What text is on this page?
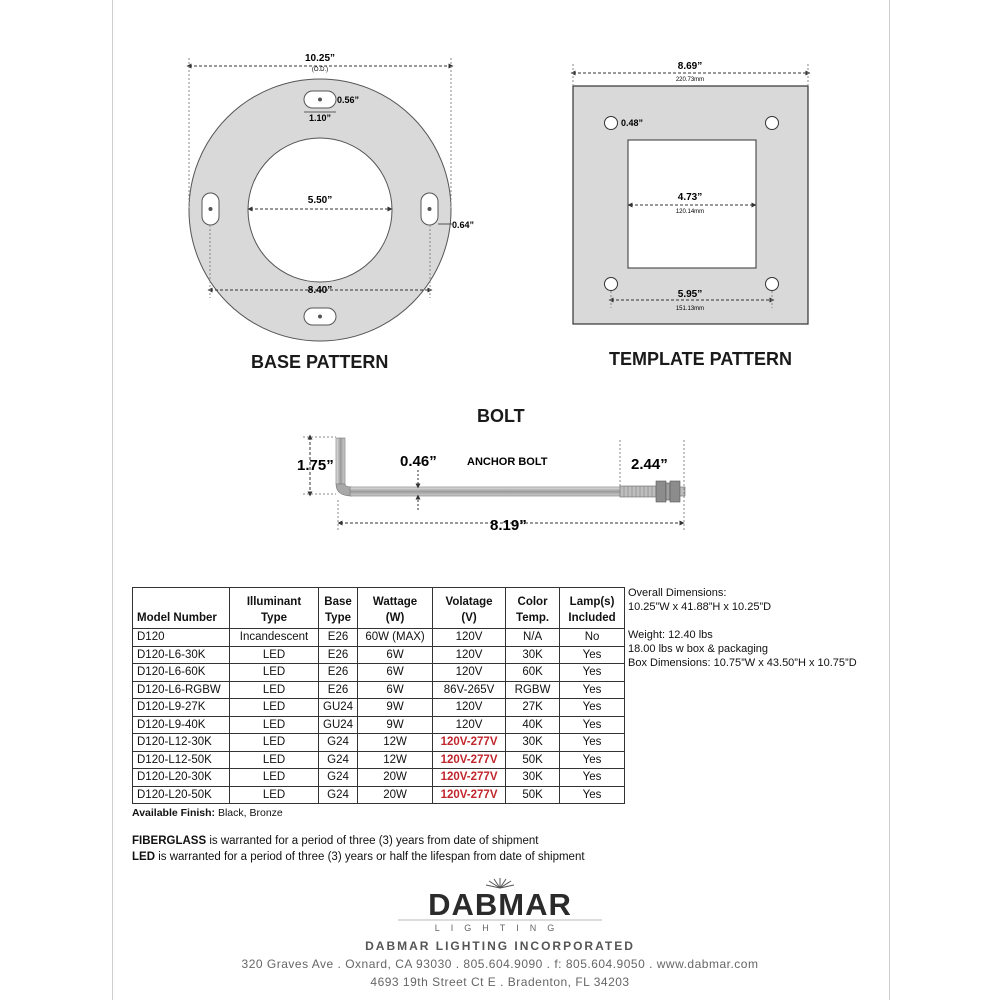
10.25”
(O.D.)
0.56”
1.10”
5.50”
0.64”
8.40”
BASE PATTERN
8.69”
220.73mm
0.48”
4.73”
120.14mm
5.95”
151.13mm
TEMPLATE PATTERN
BOLT
1.75”	0.46”	ANCHOR BOLT	2.44”
8.19”
Model Number	Illuminant Type	Base Type	Wattage (W)	Volatage (V)	Color Temp.	Lamp(s) Included
D120	Incandescent	E26	60W (MAX)	120V	N/A	No
D120-L6-30K	LED	E26	6W	120V	30K	Yes
D120-L6-60K	LED	E26	6W	120V	60K	Yes
D120-L6-RGBW	LED	E26	6W	86V-265V	RGBW	Yes
D120-L9-27K	LED	GU24	9W	120V	27K	Yes
D120-L9-40K	LED	GU24	9W	120V	40K	Yes
D120-L12-30K	LED	G24	12W	120V-277V	30K	Yes
D120-L12-50K	LED	G24	12W	120V-277V	50K	Yes
D120-L20-30K	LED	G24	20W	120V-277V	30K	Yes
D120-L20-50K	LED	G24	20W	120V-277V	50K	Yes
Overall Dimensions:
10.25”W x 41.88”H x 10.25”D
Weight: 12.40 lbs
18.00 lbs w box & packaging
Box Dimensions: 10.75”W x 43.50”H x 10.75”D
Available Finish: Black, Bronze
FIBERGLASS is warranted for a period of three (3) years from date of shipment
LED is warranted for a period of three (3) years or half the lifespan from date of shipment
DABMAR
LIGHTING
DABMAR LIGHTING INCORPORATED
320 Graves Ave . Oxnard, CA 93030 . 805.604.9090 . f: 805.604.9050 . www.dabmar.com
4693 19th Street Ct E . Bradenton, FL 34203
